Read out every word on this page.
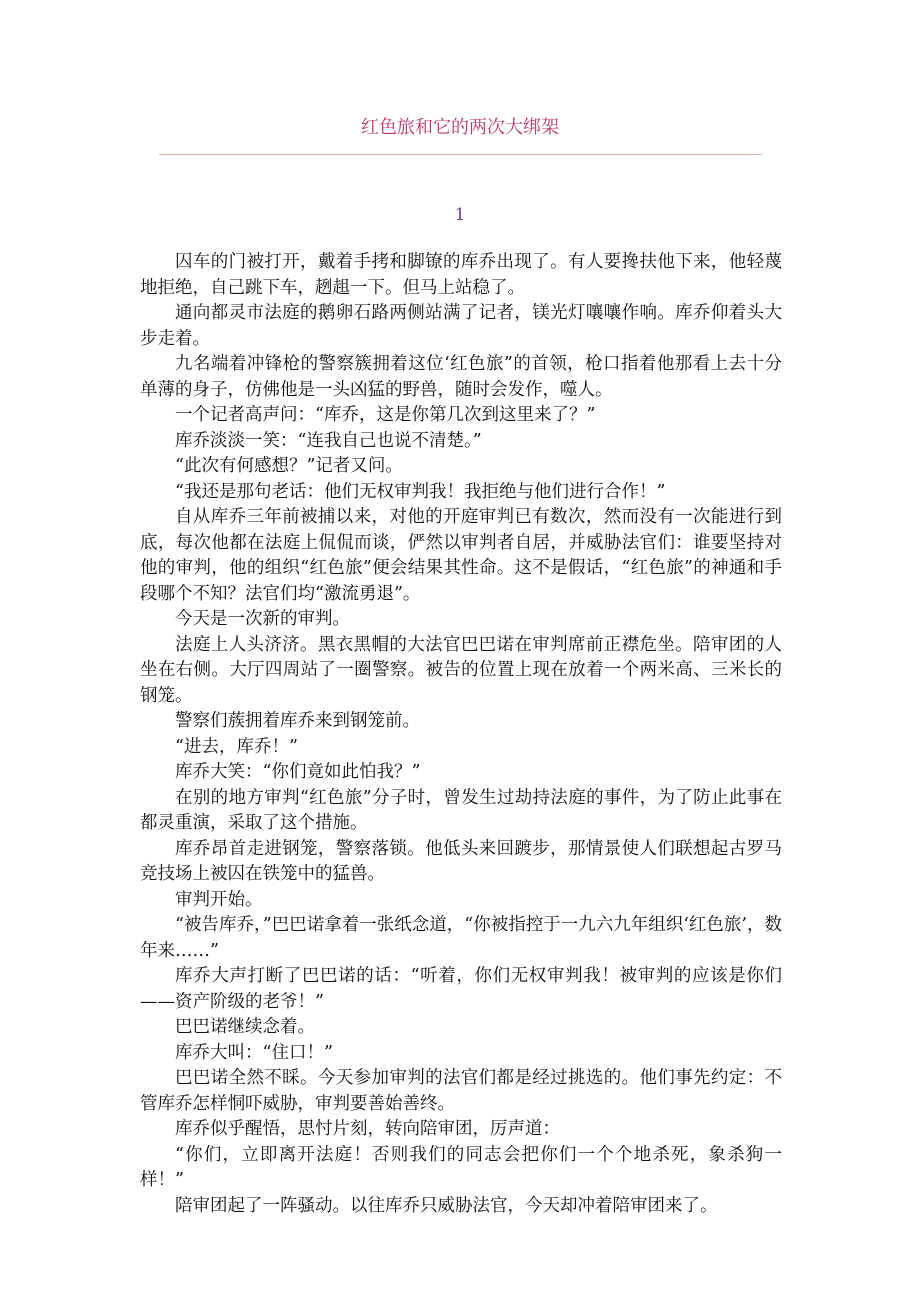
红色旅和它的两次大绑架
1

囚车的门被打开，戴着手拷和脚镣的库乔出现了。有人要搀扶他下来，他轻蔑地拒绝，自己跳下车，趔趄一下。但马上站稳了。

通向都灵市法庭的鹅卵石路两侧站满了记者，镁光灯嚷嚷作响。库乔仰着头大步走着。

九名端着冲锋枪的警察簇拥着这位‘红色旅”的首领，枪口指着他那看上去十分单薄的身子，仿佛他是一头凶猛的野兽，随时会发作，噬人。

一个记者高声问：“库乔，这是你第几次到这里来了？”

库乔淡淡一笑：“连我自己也说不清楚。”

“此次有何感想？”记者又问。

“我还是那句老话：他们无权审判我！我拒绝与他们进行合作！”

自从库乔三年前被捕以来，对他的开庭审判已有数次，然而没有一次能进行到底，每次他都在法庭上侃侃而谈，俨然以审判者自居，并威胁法官们：谁要坚持对他的审判，他的组织“红色旅”便会结果其性命。这不是假话，“红色旅”的神通和手段哪个不知？法官们均“激流勇退”。

今天是一次新的审判。

法庭上人头济济。黑衣黑帽的大法官巴巴诺在审判席前正襟危坐。陪审团的人坐在右侧。大厅四周站了一圈警察。被告的位置上现在放着一个两米高、三米长的钢笼。

警察们蔟拥着库乔来到钢笼前。

“进去，库乔！”

库乔大笑：“你们竟如此怕我？”

在别的地方审判“红色旅”分子时，曾发生过劫持法庭的事件，为了防止此事在都灵重演，采取了这个措施。

库乔昂首走进钢笼，警察落锁。他低头来回踱步，那情景使人们联想起古罗马竞技场上被囚在铁笼中的猛兽。

审判开始。

“被告库乔，”巴巴诺拿着一张纸念道，“你被指控于一九六九年组织‘红色旅’，数年来……”

库乔大声打断了巴巴诺的话：“听着，你们无权审判我！被审判的应该是你们——资产阶级的老爷！”

巴巴诺继续念着。

库乔大叫：“住口！”

巴巴诺全然不睬。今天参加审判的法官们都是经过挑选的。他们事先约定：不管库乔怎样恫吓威胁，审判要善始善终。

库乔似乎醒悟，思忖片刻，转向陪审团，厉声道：

“你们，立即离开法庭！否则我们的同志会把你们一个个地杀死，象杀狗一样！”

陪审团起了一阵骚动。以往库乔只威胁法官，今天却冲着陪审团来了。
